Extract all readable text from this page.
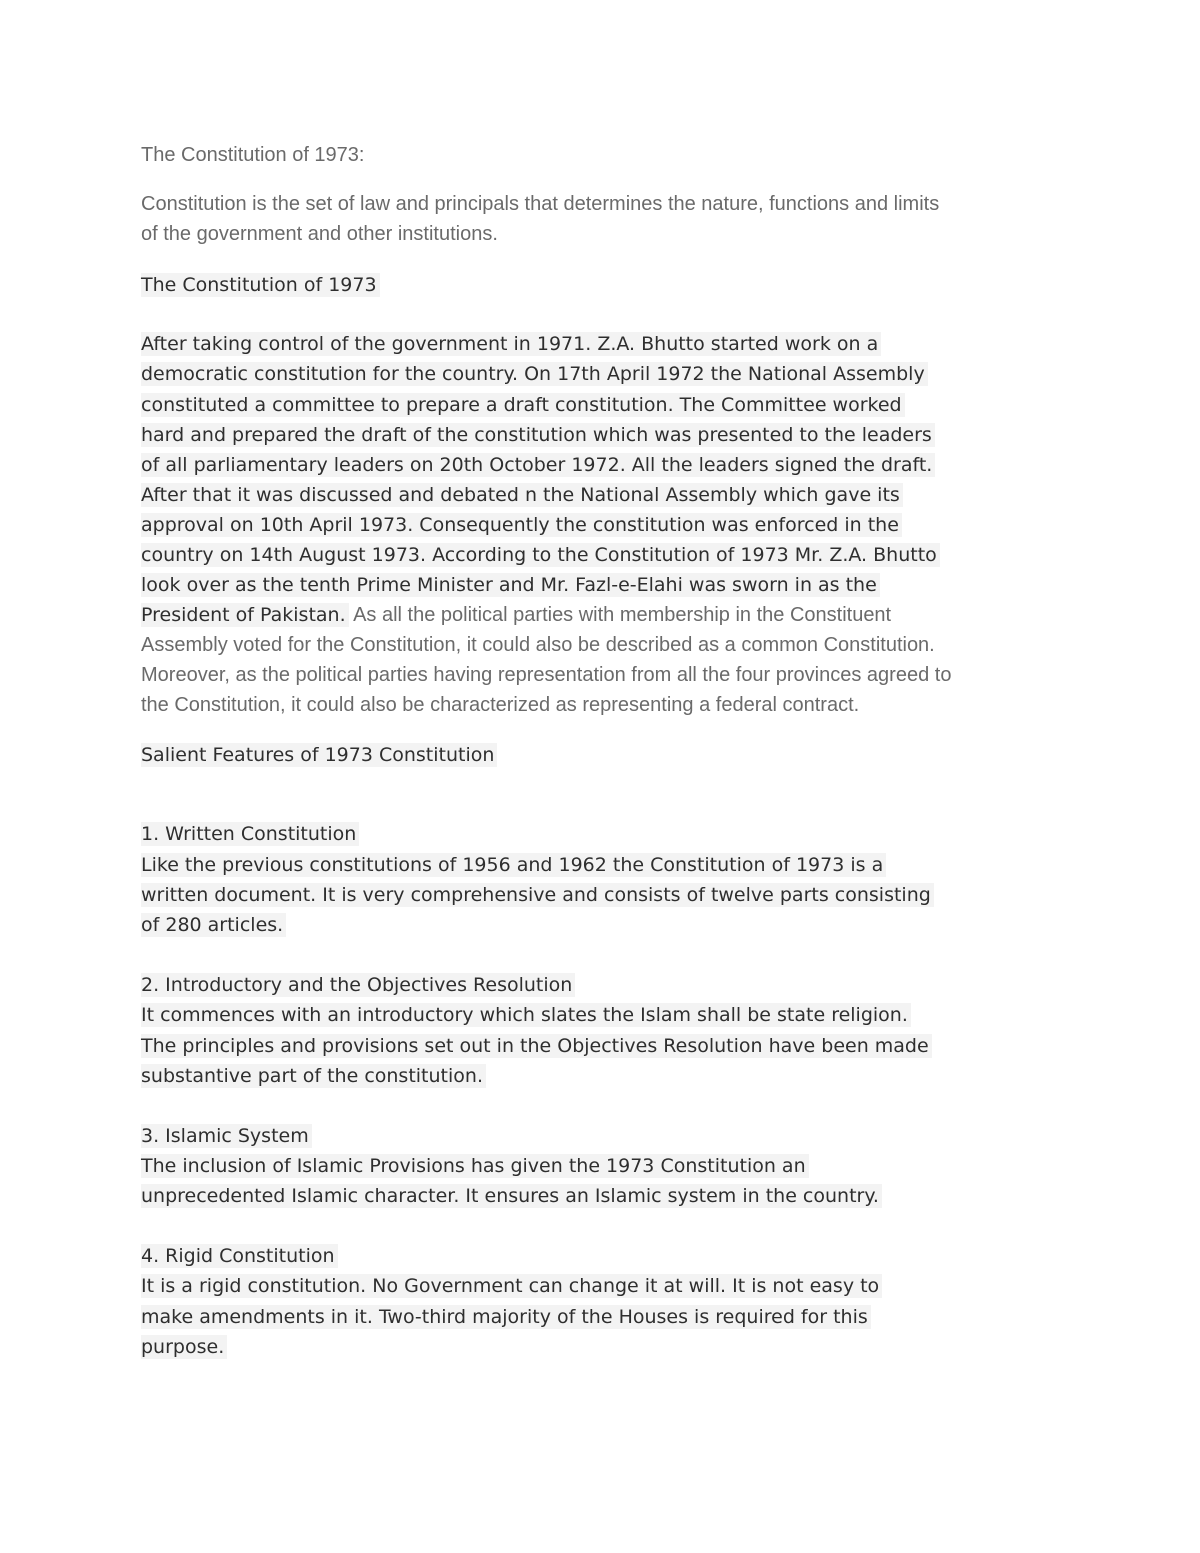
The Constitution of 1973:
Constitution is the set of law and principals that determines the nature, functions and limits
of the government and other institutions.
The Constitution of 1973
After taking control of the government in 1971. Z.A. Bhutto started work on a
democratic constitution for the country. On 17th April 1972 the National Assembly
constituted a committee to prepare a draft constitution. The Committee worked
hard and prepared the draft of the constitution which was presented to the leaders
of all parliamentary leaders on 20th October 1972. All the leaders signed the draft.
After that it was discussed and debated n the National Assembly which gave its
approval on 10th April 1973. Consequently the constitution was enforced in the
country on 14th August 1973. According to the Constitution of 1973 Mr. Z.A. Bhutto
look over as the tenth Prime Minister and Mr. Fazl-e-Elahi was sworn in as the
President of Pakistan. As all the political parties with membership in the Constituent
Assembly voted for the Constitution, it could also be described as a common Constitution.
Moreover, as the political parties having representation from all the four provinces agreed to
the Constitution, it could also be characterized as representing a federal contract.
Salient Features of 1973 Constitution
1. Written Constitution
Like the previous constitutions of 1956 and 1962 the Constitution of 1973 is a
written document. It is very comprehensive and consists of twelve parts consisting
of 280 articles.
2. Introductory and the Objectives Resolution
It commences with an introductory which slates the Islam shall be state religion.
The principles and provisions set out in the Objectives Resolution have been made
substantive part of the constitution.
3. Islamic System
The inclusion of Islamic Provisions has given the 1973 Constitution an
unprecedented Islamic character. It ensures an Islamic system in the country.
4. Rigid Constitution
It is a rigid constitution. No Government can change it at will. It is not easy to
make amendments in it. Two-third majority of the Houses is required for this
purpose.
